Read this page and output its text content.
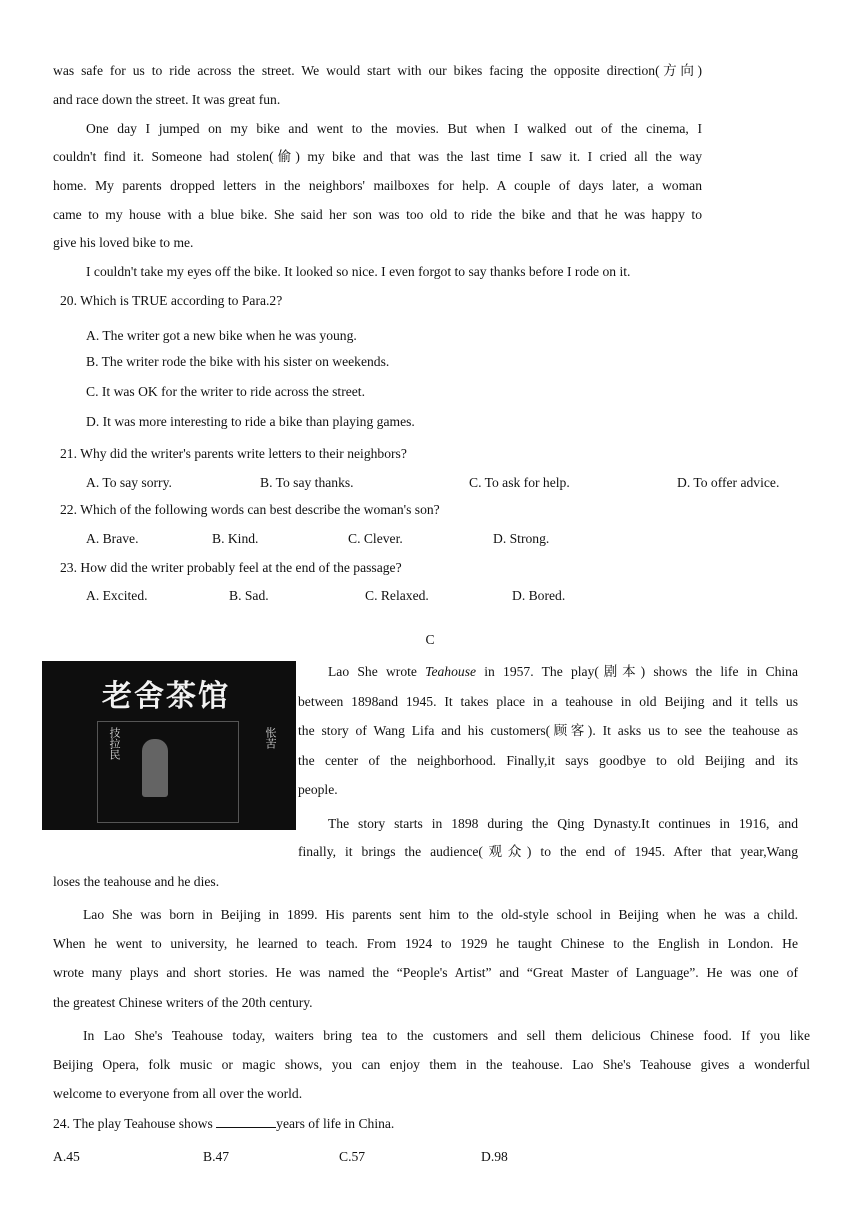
was safe for us to ride across the street. We would start with our bikes facing the opposite direction(方向)
and race down the street. It was great fun.
One day I jumped on my bike and went to the movies. But when I walked out of the cinema, I
couldn't find it. Someone had stolen(偷) my bike and that was the last time I saw it. I cried all the way
home. My parents dropped letters in the neighbors' mailboxes for help. A couple of days later, a woman
came to my house with a blue bike. She said her son was too old to ride the bike and that he was happy to
give his loved bike to me.
I couldn't take my eyes off the bike. It looked so nice. I even forgot to say thanks before I rode on it.
20. Which is TRUE according to Para.2?
A. The writer got a new bike when he was young.
B. The writer rode the bike with his sister on weekends.
C. It was OK for the writer to ride across the street.
D. It was more interesting to ride a bike than playing games.
21. Why did the writer's parents write letters to their neighbors?
A. To say sorry.	B. To say thanks.	C. To ask for help.	D. To offer advice.
22. Which of the following words can best describe the woman's son?
A. Brave.	B. Kind.	C. Clever.	D. Strong.
23. How did the writer probably feel at the end of the passage?
A. Excited.	B. Sad.	C. Relaxed.	D. Bored.
C
老舍茶馆
技拉民	怅苦
Lao She wrote Teahouse in 1957. The play(剧本) shows the life in China
between 1898and 1945. It takes place in a teahouse in old Beijing and it tells us
the story of Wang Lifa and his customers(顾客). It asks us to see the teahouse as
the center of the neighborhood. Finally,it says goodbye to old Beijing and its
people.
The story starts in 1898 during the Qing Dynasty.It continues in 1916, and
finally, it brings the audience(观众) to the end of 1945. After that year,Wang
loses the teahouse and he dies.
Lao She was born in Beijing in 1899. His parents sent him to the old-style school in Beijing when he was a child.
When he went to university, he learned to teach. From 1924 to 1929 he taught Chinese to the English in London. He
wrote many plays and short stories. He was named the “People's Artist” and “Great Master of Language”. He was one of
the greatest Chinese writers of the 20th century.
In Lao She's Teahouse today, waiters bring tea to the customers and sell them delicious Chinese food. If you like
Beijing Opera, folk music or magic shows, you can enjoy them in the teahouse. Lao She's Teahouse gives a wonderful
welcome to everyone from all over the world.
24. The play Teahouse shows	years of life in China.
A.45	B.47	C.57	D.98
